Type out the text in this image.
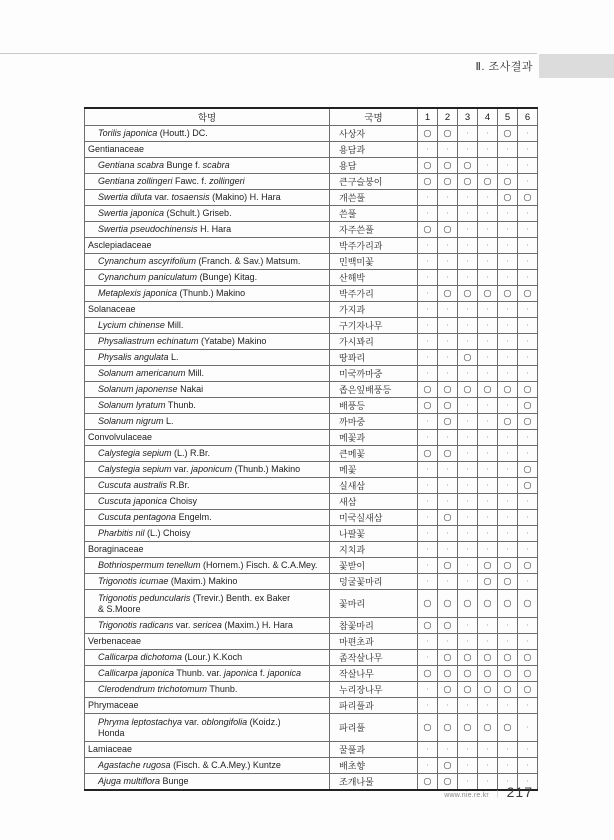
Ⅱ. 조사결과
학명	국명	1	2	3	4	5	6
Torilis japonica (Houtt.) DC.	사상자	○	○	·	·	○	·
Gentianaceae	용담과	·	·	·	·	·	·
Gentiana scabra Bunge f. scabra	용담	○	○	○	·	·	·
Gentiana zollingeri Fawc. f. zollingeri	큰구슬붕이	○	○	○	○	○	·
Swertia diluta var. tosaensis (Makino) H. Hara	개쓴풀	·	·	·	·	○	○
Swertia japonica (Schult.) Griseb.	쓴풀	·	·	·	·	·	·
Swertia pseudochinensis H. Hara	자주쓴풀	○	○	·	·	·	·
Asclepiadaceae	박주가리과	·	·	·	·	·	·
Cynanchum ascyrifolium (Franch. & Sav.) Matsum.	민백미꽃	·	·	·	·	·	·
Cynanchum paniculatum (Bunge) Kitag.	산해박	·	·	·	·	·	·
Metaplexis japonica (Thunb.) Makino	박주가리	·	○	○	○	○	○
Solanaceae	가지과	·	·	·	·	·	·
Lycium chinense Mill.	구기자나무	·	·	·	·	·	·
Physaliastrum echinatum (Yatabe) Makino	가시꽈리	·	·	·	·	·	·
Physalis angulata L.	땅꽈리	·	·	○	·	·	·
Solanum americanum Mill.	미국까마중	·	·	·	·	·	·
Solanum japonense Nakai	좁은잎배풍등	○	○	○	○	○	○
Solanum lyratum Thunb.	배풍등	○	○	·	·	·	○
Solanum nigrum L.	까마중	·	○	·	·	○	○
Convolvulaceae	메꽃과	·	·	·	·	·	·
Calystegia sepium (L.) R.Br.	큰메꽃	○	○	·	·	·	·
Calystegia sepium var. japonicum (Thunb.) Makino	메꽃	·	·	·	·	·	○
Cuscuta australis R.Br.	실새삼	·	·	·	·	·	○
Cuscuta japonica Choisy	새삼	·	·	·	·	·	·
Cuscuta pentagona Engelm.	미국실새삼	·	○	·	·	·	·
Pharbitis nil (L.) Choisy	나팔꽃	·	·	·	·	·	·
Boraginaceae	지치과	·	·	·	·	·	·
Bothriospermum tenellum (Hornem.) Fisch. & C.A.Mey.	꽃받이	·	○	·	○	○	○
Trigonotis icumae (Maxim.) Makino	덩굴꽃마리	·	·	·	○	○	·
Trigonotis peduncularis (Trevir.) Benth. ex Baker
& S.Moore	꽃마리	○	○	○	○	○	○
Trigonotis radicans var. sericea (Maxim.) H. Hara	참꽃마리	○	○	·	·	·	·
Verbenaceae	마편초과	·	·	·	·	·	·
Callicarpa dichotoma (Lour.) K.Koch	좀작살나무	·	○	○	○	○	○
Callicarpa japonica Thunb. var. japonica f. japonica	작살나무	○	○	○	○	○	○
Clerodendrum trichotomum Thunb.	누리장나무	·	○	○	○	○	○
Phrymaceae	파리풀과	·	·	·	·	·	·
Phryma leptostachya var. oblongifolia (Koidz.)
Honda	파리풀	○	○	○	○	○	·
Lamiaceae	꿀풀과	·	·	·	·	·	·
Agastache rugosa (Fisch. & C.A.Mey.) Kuntze	배초향	·	○	·	·	·	·
Ajuga multiflora Bunge	조개나물	○	○	·	·	·	·
www.nie.re.kr ㅣ 217
